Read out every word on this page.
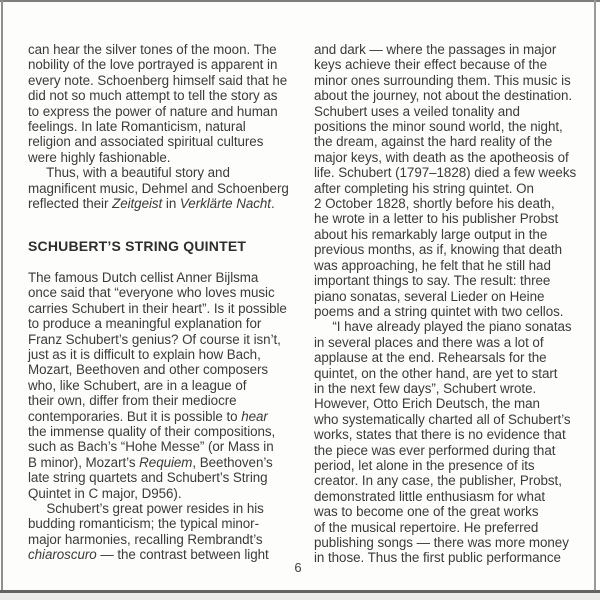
can hear the silver tones of the moon. The
nobility of the love portrayed is apparent in
every note. Schoenberg himself said that he
did not so much attempt to tell the story as
to express the power of nature and human
feelings. In late Romanticism, natural
religion and associated spiritual cultures
were highly fashionable.
Thus, with a beautiful story and
magnificent music, Dehmel and Schoenberg
reflected their Zeitgeist in Verklärte Nacht.
SCHUBERT’S STRING QUINTET
The famous Dutch cellist Anner Bijlsma
once said that “everyone who loves music
carries Schubert in their heart”. Is it possible
to produce a meaningful explanation for
Franz Schubert’s genius? Of course it isn’t,
just as it is difficult to explain how Bach,
Mozart, Beethoven and other composers
who, like Schubert, are in a league of
their own, differ from their mediocre
contemporaries. But it is possible to hear
the immense quality of their compositions,
such as Bach’s “Hohe Messe” (or Mass in
B minor), Mozart’s Requiem, Beethoven’s
late string quartets and Schubert’s String
Quintet in C major, D956).
Schubert’s great power resides in his
budding romanticism; the typical minor-
major harmonies, recalling Rembrandt’s
chiaroscuro — the contrast between light
and dark — where the passages in major
keys achieve their effect because of the
minor ones surrounding them. This music is
about the journey, not about the destination.
Schubert uses a veiled tonality and
positions the minor sound world, the night,
the dream, against the hard reality of the
major keys, with death as the apotheosis of
life. Schubert (1797–1828) died a few weeks
after completing his string quintet. On
2 October 1828, shortly before his death,
he wrote in a letter to his publisher Probst
about his remarkably large output in the
previous months, as if, knowing that death
was approaching, he felt that he still had
important things to say. The result: three
piano sonatas, several Lieder on Heine
poems and a string quintet with two cellos.
“I have already played the piano sonatas
in several places and there was a lot of
applause at the end. Rehearsals for the
quintet, on the other hand, are yet to start
in the next few days”, Schubert wrote.
However, Otto Erich Deutsch, the man
who systematically charted all of Schubert’s
works, states that there is no evidence that
the piece was ever performed during that
period, let alone in the presence of its
creator. In any case, the publisher, Probst,
demonstrated little enthusiasm for what
was to become one of the great works
of the musical repertoire. He preferred
publishing songs — there was more money
in those. Thus the first public performance
6
